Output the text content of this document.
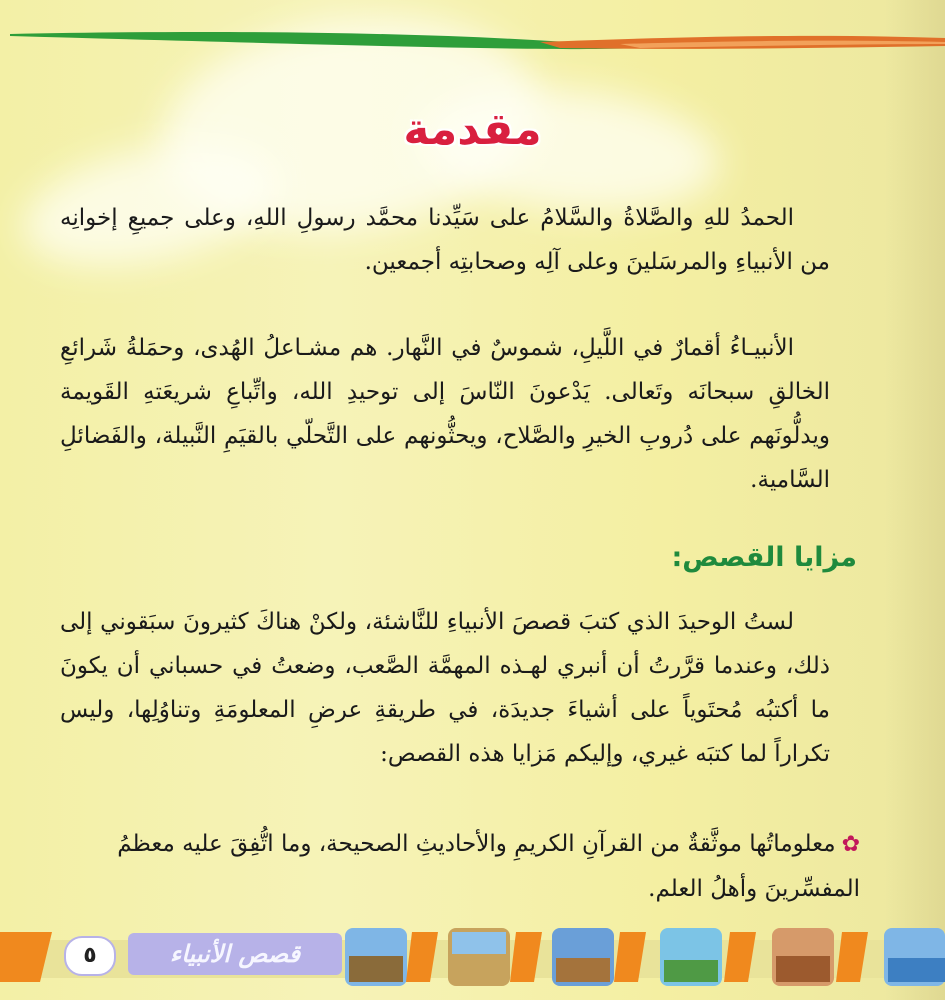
مقدمة
الحمدُ للهِ والصَّلاةُ والسَّلامُ على سَيِّدنا محمَّد رسولِ اللهِ، وعلى جميعِ إخوانِه من الأنبياءِ والمرسَلينَ وعلى آلِه وصحابتِه أجمعين.
الأنبيـاءُ أقمارٌ في اللَّيلِ، شموسٌ في النَّهار. هم مشـاعلُ الهُدى، وحمَلةُ شَرائعِ الخالقِ سبحانَه وتَعالى. يَدْعونَ النّاسَ إلى توحيدِ الله، واتِّباعِ شريعَتهِ القَويمة ويدلُّونَهم على دُروبِ الخيرِ والصَّلاح، ويحثُّونهم على التَّحلّي بالقيَمِ النَّبيلة، والفَضائلِ السَّامية.
مزايا القصص:
لستُ الوحيدَ الذي كتبَ قصصَ الأنبياءِ للنَّاشئة، ولكنْ هناكَ كثيرونَ سبَقوني إلى ذلك، وعندما قرَّرتُ أن أنبري لهـذه المهمَّة الصَّعب، وضعتُ في حسباني أن يكونَ ما أكتبُه مُحتَوياً على أشياءَ جديدَة، في طريقةِ عرضِ المعلومَةِ وتناوُلِها، وليس تكراراً لما كتبَه غيري، وإليكم مَزايا هذه القصص:
✿معلوماتُها موثَّقةٌ من القرآنِ الكريمِ والأحاديثِ الصحيحة، وما اتُّفِقَ عليه معظمُ المفسِّرينَ وأهلُ العلم.
٥	قصص الأنبياء
